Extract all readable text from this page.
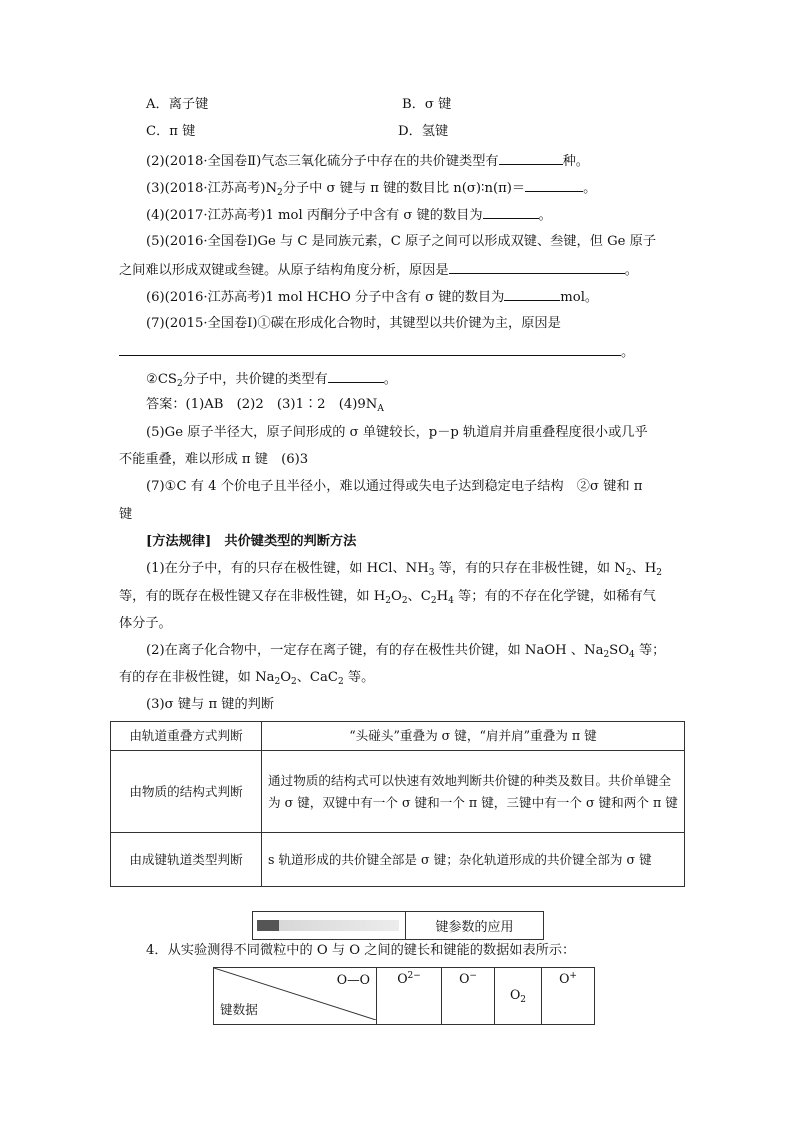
A．离子键	B．σ 键
C．π 键	D．氢键
(2)(2018·全国卷Ⅱ)气态三氧化硫分子中存在的共价键类型有	种。
(3)(2018·江苏高考)$N_2$分子中 σ 键与 π 键的数目比 n(σ)∶n(π)＝	。
(4)(2017·江苏高考)1 mol 丙酮分子中含有 σ 键的数目为	。
(5)(2016·全国卷Ⅰ)Ge 与 C 是同族元素，C 原子之间可以形成双键、叁键，但 Ge 原子
之间难以形成双键或叁键。从原子结构角度分析，原因是	。
(6)(2016·江苏高考)1 mol HCHO 分子中含有 σ 键的数目为	mol。
(7)(2015·全国卷Ⅰ)①碳在形成化合物时，其键型以共价键为主，原因是
。
$②CS_2$分子中，共价键的类型有	。
答案：(1)AB　(2)2　(3)1∶2　$(4)9N_A$
(5)Ge 原子半径大，原子间形成的 σ 单键较长，p－p 轨道肩并肩重叠程度很小或几乎
不能重叠，难以形成 π 键　(6)3
(7)①C 有 4 个价电子且半径小，难以通过得或失电子达到稳定电子结构　②σ 键和 π
键
[方法规律]　 共价键类型的判断方法
(1)在分子中，有的只存在极性键，如 HCl、$NH_3$ 等，有的只存在非极性键，如 $N_2$、$H_2$
等，有的既存在极性键又存在非极性键，如 $H_2O_2$、$C_2H_4$ 等；有的不存在化学键，如稀有气
体分子。
(2)在离子化合物中，一定存在离子键，有的存在极性共价键，如 NaOH 、$Na_2SO_4$ 等；
有的存在非极性键，如 $Na_2O_2$、CaC$_2$ 等。
(3)σ 键与 π 键的判断
由轨道重叠方式判断	“头碰头”重叠为 σ 键，“肩并肩”重叠为 π 键
由物质的结构式判断	通过物质的结构式可以快速有效地判断共价键的种类及数目。共价单键全为 σ 键，双键中有一个 σ 键和一个 π 键，三键中有一个 σ 键和两个 π 键
由成键轨道类型判断	s 轨道形成的共价键全部是 σ 键；杂化轨道形成的共价键全部为 σ 键
键参数的应用
4．从实验测得不同微粒中的 O 与 O 之间的键长和键能的数据如表所示：
O—O
键数据
	$O^{2-}$	O−	$O_2$	O+
